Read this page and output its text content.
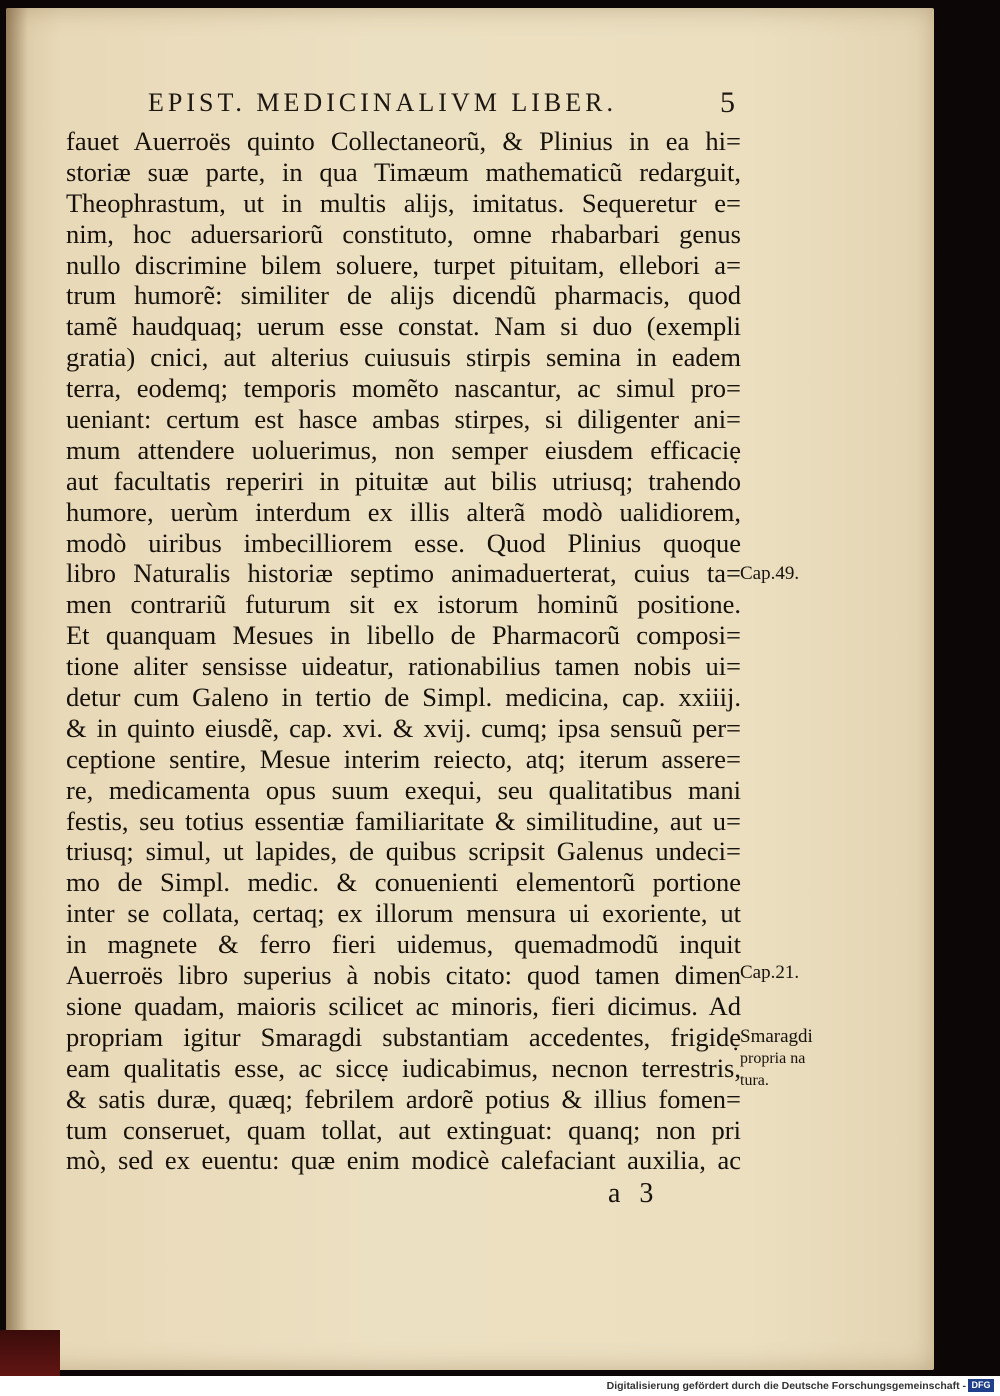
EPIST. MEDICINALIVM LIBER.	5
fauet Auerroës quinto Collectaneorũ, & Plinius in ea hi=
storiæ suæ parte, in qua Timæum mathematicũ redarguit,
Theophrastum, ut in multis alijs, imitatus. Sequeretur e=
nim, hoc aduersariorũ constituto, omne rhabarbari genus
nullo discrimine bilem soluere, turpet pituitam, ellebori a=
trum humorẽ: similiter de alijs dicendũ pharmacis, quod
tamẽ haudquaq; uerum esse constat. Nam si duo (exempli
gratia) cnici, aut alterius cuiusuis stirpis semina in eadem
terra, eodemq; temporis momẽto nascantur, ac simul pro=
ueniant: certum est hasce ambas stirpes, si diligenter ani=
mum attendere uoluerimus, non semper eiusdem efficaciẹ
aut facultatis reperiri in pituitæ aut bilis utriusq; trahendo
humore, uerùm interdum ex illis alterã modò ualidiorem,
modò uiribus imbecilliorem esse. Quod Plinius quoque
libro Naturalis historiæ septimo animaduerterat, cuius ta=
men contrariũ futurum sit ex istorum hominũ positione.
Et quanquam Mesues in libello de Pharmacorũ composi=
tione aliter sensisse uideatur, rationabilius tamen nobis ui=
detur cum Galeno in tertio de Simpl. medicina, cap. xxiiij.
& in quinto eiusdẽ, cap. xvi. & xvij. cumq; ipsa sensuũ per=
ceptione sentire, Mesue interim reiecto, atq; iterum assere=
re, medicamenta opus suum exequi, seu qualitatibus mani
festis, seu totius essentiæ familiaritate & similitudine, aut u=
triusq; simul, ut lapides, de quibus scripsit Galenus undeci=
mo de Simpl. medic. & conuenienti elementorũ portione
inter se collata, certaq; ex illorum mensura ui exoriente, ut
in magnete & ferro fieri uidemus, quemadmodũ inquit
Auerroës libro superius à nobis citato: quod tamen dimen
sione quadam, maioris scilicet ac minoris, fieri dicimus. Ad
propriam igitur Smaragdi substantiam accedentes, frigidẹ
eam qualitatis esse, ac siccẹ iudicabimus, necnon terrestris,
& satis duræ, quæq; febrilem ardorẽ potius & illius fomen=
tum conseruet, quam tollat, aut extinguat: quanq; non pri
mò, sed ex euentu: quæ enim modicè calefaciant auxilia, ac
Cap.49.
Cap.21.
Smaragdi
propria na
tura.
a 3
Digitalisierung gefördert durch die Deutsche Forschungsgemeinschaft - DFG
